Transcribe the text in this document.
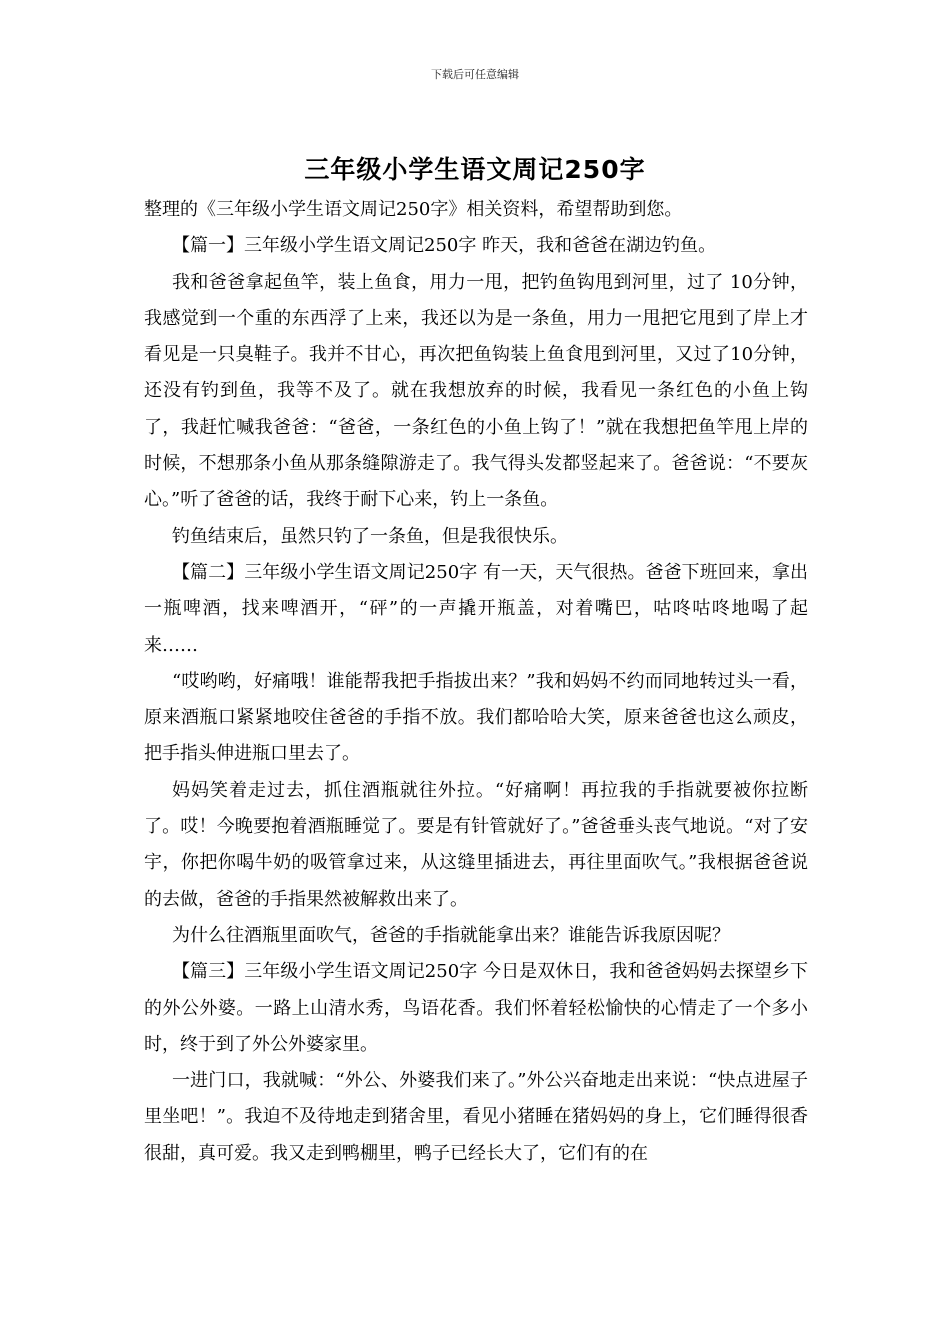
下载后可任意编辑
三年级小学生语文周记250字

整理的《三年级小学生语文周记250字》相关资料，希望帮助到您。

【篇一】三年级小学生语文周记250字 昨天，我和爸爸在湖边钓鱼。

我和爸爸拿起鱼竿，装上鱼食，用力一甩，把钓鱼钩甩到河里，过了 10分钟，我感觉到一个重的东西浮了上来，我还以为是一条鱼，用力一甩把它甩到了岸上才看见是一只臭鞋子。我并不甘心，再次把鱼钩装上鱼食甩到河里，又过了10分钟，还没有钓到鱼，我等不及了。就在我想放弃的时候，我看见一条红色的小鱼上钩了，我赶忙喊我爸爸：“爸爸，一条红色的小鱼上钩了！”就在我想把鱼竿甩上岸的时候，不想那条小鱼从那条缝隙游走了。我气得头发都竖起来了。爸爸说：“不要灰心。”听了爸爸的话，我终于耐下心来，钓上一条鱼。

钓鱼结束后，虽然只钓了一条鱼，但是我很快乐。

【篇二】三年级小学生语文周记250字 有一天，天气很热。爸爸下班回来，拿出一瓶啤酒，找来啤酒开，“砰”的一声撬开瓶盖，对着嘴巴，咕咚咕咚地喝了起来……

“哎哟哟，好痛哦！谁能帮我把手指拔出来？”我和妈妈不约而同地转过头一看，原来酒瓶口紧紧地咬住爸爸的手指不放。我们都哈哈大笑，原来爸爸也这么顽皮，把手指头伸进瓶口里去了。

妈妈笑着走过去，抓住酒瓶就往外拉。“好痛啊！再拉我的手指就要被你拉断了。哎！今晚要抱着酒瓶睡觉了。要是有针管就好了。”爸爸垂头丧气地说。“对了安宇，你把你喝牛奶的吸管拿过来，从这缝里插进去，再往里面吹气。”我根据爸爸说的去做，爸爸的手指果然被解救出来了。

为什么往酒瓶里面吹气，爸爸的手指就能拿出来？谁能告诉我原因呢？

【篇三】三年级小学生语文周记250字 今日是双休日，我和爸爸妈妈去探望乡下的外公外婆。一路上山清水秀，鸟语花香。我们怀着轻松愉快的心情走了一个多小时，终于到了外公外婆家里。

一进门口，我就喊：“外公、外婆我们来了。”外公兴奋地走出来说：“快点进屋子里坐吧！”。我迫不及待地走到猪舍里，看见小猪睡在猪妈妈的身上，它们睡得很香很甜，真可爱。我又走到鸭棚里，鸭子已经长大了，它们有的在
